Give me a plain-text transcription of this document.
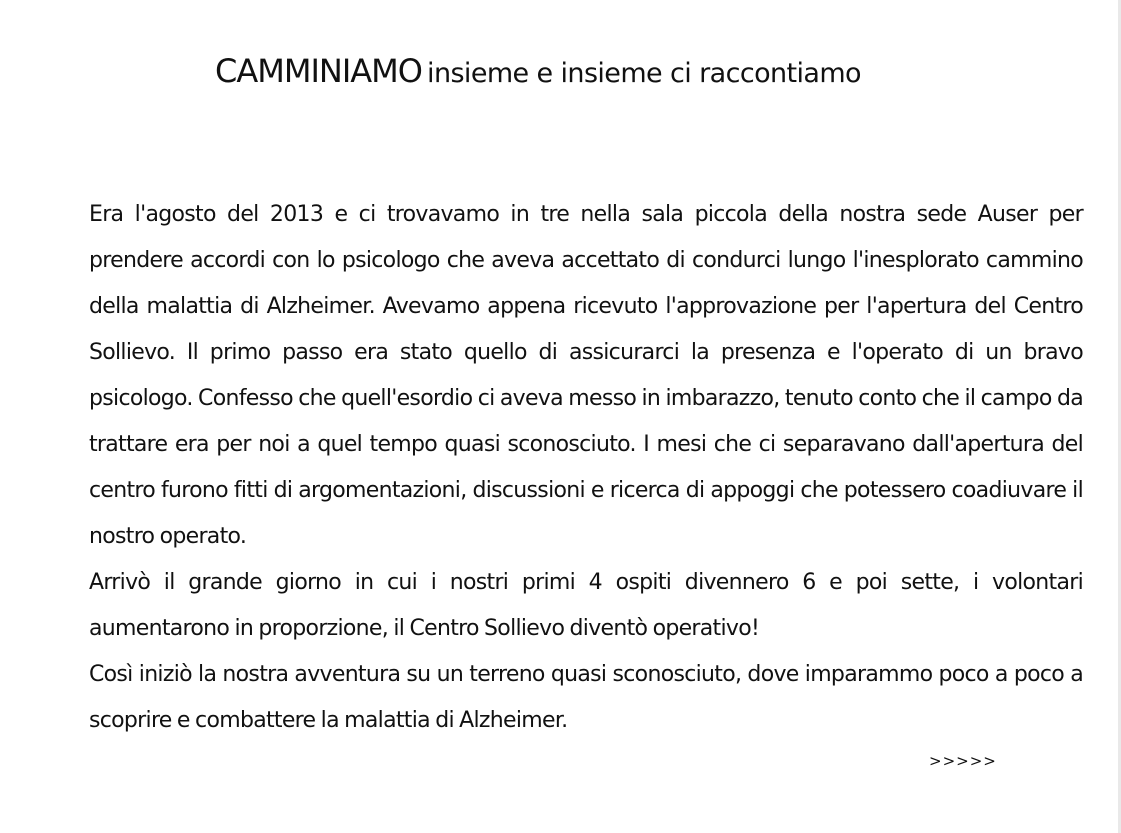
CAMMINIAMO insieme e insieme ci raccontiamo

Era l'agosto del 2013 e ci trovavamo in tre nella sala piccola della nostra sede Auser per prendere accordi con lo psicologo che aveva accettato di condurci lungo l'inesplorato cammino della malattia di Alzheimer. Avevamo appena ricevuto l'approvazione per l'apertura del Centro Sollievo. Il primo passo era stato quello di assicurarci la presenza e l'operato di un bravo psicologo. Confesso che quell'esordio ci aveva messo in imbarazzo, tenuto conto che il campo da trattare era per noi a quel tempo quasi sconosciuto. I mesi che ci separavano dall'apertura del centro furono fitti di argomentazioni, discussioni e ricerca di appoggi che potessero coadiuvare il nostro operato.

Arrivò il grande giorno in cui i nostri primi 4 ospiti divennero 6 e poi sette, i volontari aumentarono in proporzione, il Centro Sollievo diventò operativo!

Così iniziò la nostra avventura su un terreno quasi sconosciuto, dove imparammo poco a poco a scoprire e combattere la malattia di Alzheimer.

>>>>>
